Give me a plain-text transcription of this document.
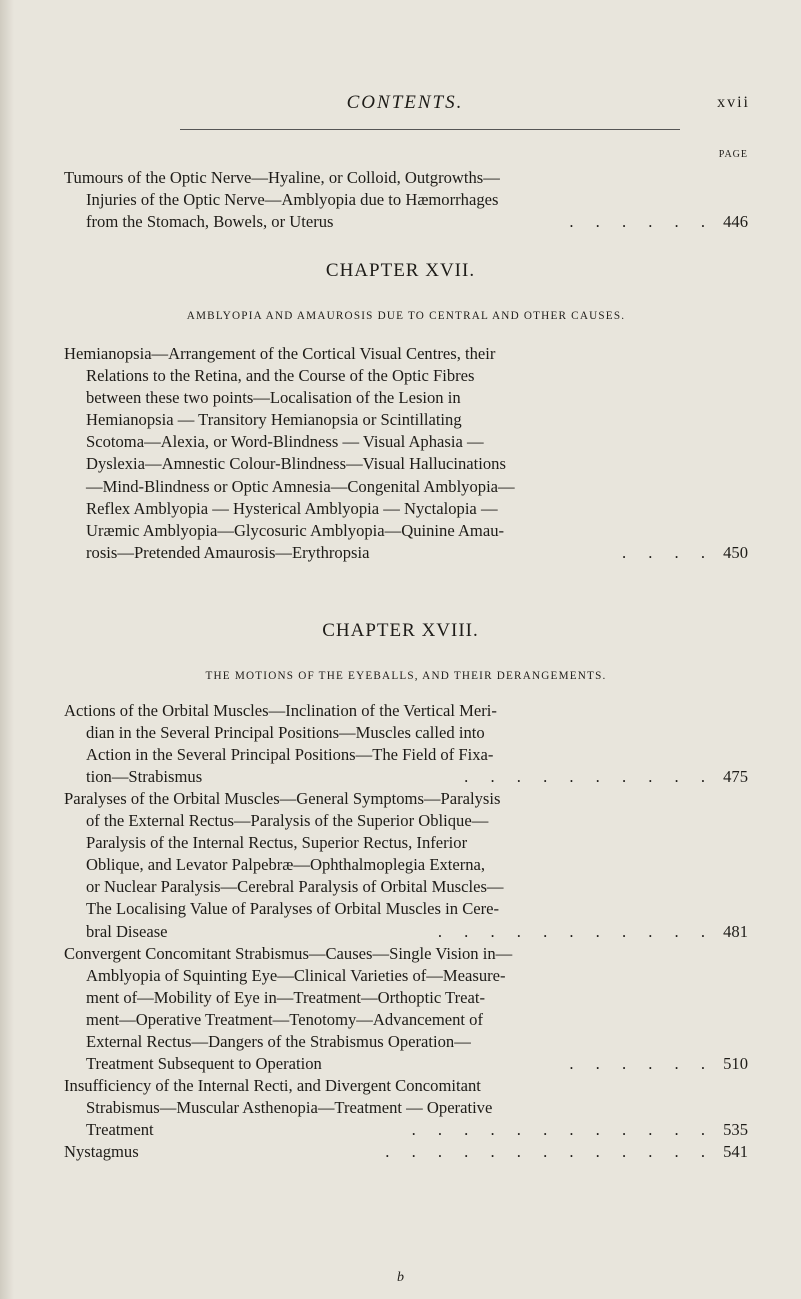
CONTENTS.	xvii
PAGE
Tumours of the Optic Nerve—Hyaline, or Colloid, Outgrowths—
Injuries of the Optic Nerve—Amblyopia due to Hæmorrhages
from the Stomach, Bowels, or Uterus	. . . . . . 446
CHAPTER XVII.
AMBLYOPIA AND AMAUROSIS DUE TO CENTRAL AND OTHER CAUSES.
Hemianopsia—Arrangement of the Cortical Visual Centres, their
Relations to the Retina, and the Course of the Optic Fibres
between these two points—Localisation of the Lesion in
Hemianopsia — Transitory Hemianopsia or Scintillating
Scotoma—Alexia, or Word-Blindness — Visual Aphasia —
Dyslexia—Amnestic Colour-Blindness—Visual Hallucinations
—Mind-Blindness or Optic Amnesia—Congenital Amblyopia—
Reflex Amblyopia — Hysterical Amblyopia — Nyctalopia —
Uræmic Amblyopia—Glycosuric Amblyopia—Quinine Amau-
rosis—Pretended Amaurosis—Erythropsia	. . . . 450
CHAPTER XVIII.
THE MOTIONS OF THE EYEBALLS, AND THEIR DERANGEMENTS.
Actions of the Orbital Muscles—Inclination of the Vertical Meri-
dian in the Several Principal Positions—Muscles called into
Action in the Several Principal Positions—The Field of Fixa-
tion—Strabismus	. . . . . . . . . . 475
Paralyses of the Orbital Muscles—General Symptoms—Paralysis
of the External Rectus—Paralysis of the Superior Oblique—
Paralysis of the Internal Rectus, Superior Rectus, Inferior
Oblique, and Levator Palpebræ—Ophthalmoplegia Externa,
or Nuclear Paralysis—Cerebral Paralysis of Orbital Muscles—
The Localising Value of Paralyses of Orbital Muscles in Cere-
bral Disease	. . . . . . . . . . . 481
Convergent Concomitant Strabismus—Causes—Single Vision in—
Amblyopia of Squinting Eye—Clinical Varieties of—Measure-
ment of—Mobility of Eye in—Treatment—Orthoptic Treat-
ment—Operative Treatment—Tenotomy—Advancement of
External Rectus—Dangers of the Strabismus Operation—
Treatment Subsequent to Operation	. . . . . . 510
Insufficiency of the Internal Recti, and Divergent Concomitant
Strabismus—Muscular Asthenopia—Treatment — Operative
Treatment	. . . . . . . . . . . . 535
Nystagmus	. . . . . . . . . . . . . 541
b
